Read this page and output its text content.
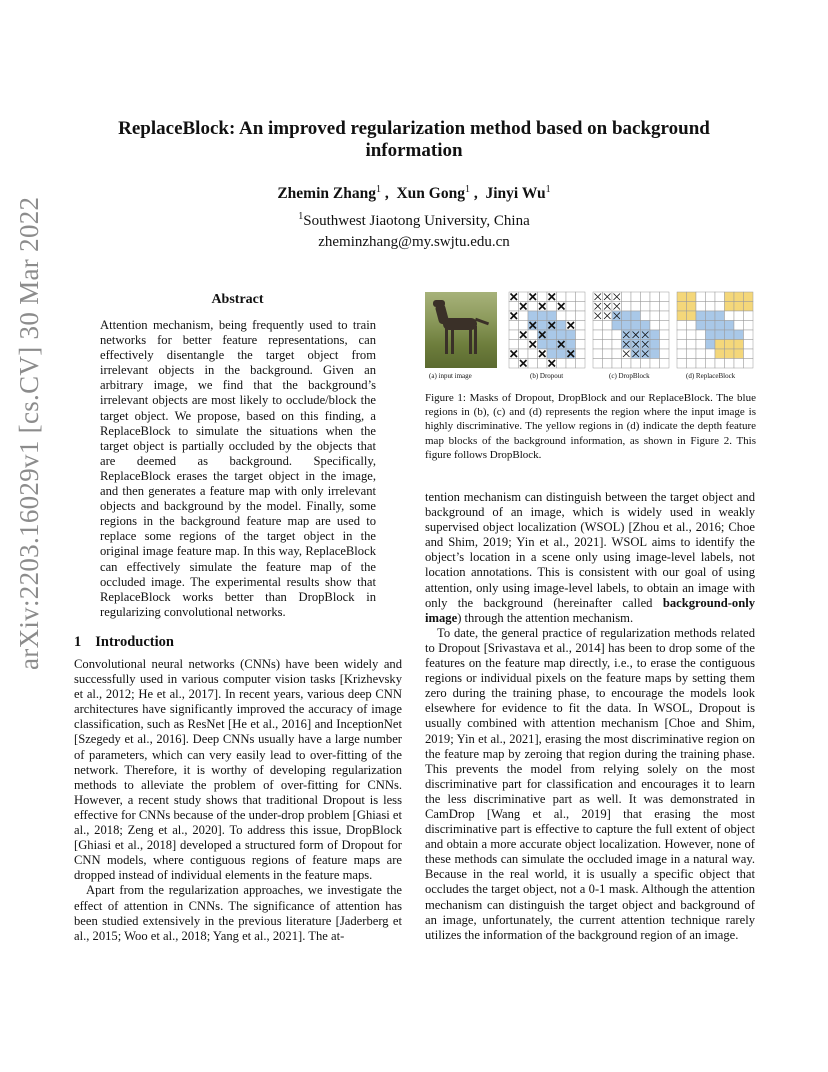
arXiv:2203.16029v1 [cs.CV] 30 Mar 2022
ReplaceBlock: An improved regularization method based on background
information
Zhemin Zhang$^1$ ,  Xun Gong$^1$ ,  Jinyi Wu$^1$
$^1$Southwest Jiaotong University, China
zheminzhang@my.swjtu.edu.cn
Abstract

Attention mechanism, being frequently used to train networks for better feature representations, can effectively disentangle the target object from irrelevant objects in the background. Given an arbitrary image, we find that the background’s irrelevant objects are most likely to occlude/block the target object. We propose, based on this finding, a ReplaceBlock to simulate the situations when the target object is partially occluded by the objects that are deemed as background. Specifically, ReplaceBlock erases the target object in the image, and then generates a feature map with only irrelevant objects and background by the model. Finally, some regions in the background feature map are used to replace some regions of the target object in the original image feature map. In this way, ReplaceBlock can effectively simulate the feature map of the occluded image. The experimental results show that ReplaceBlock works better than DropBlock in regularizing convolutional networks.

1 Introduction

Convolutional neural networks (CNNs) have been widely and successfully used in various computer vision tasks [Krizhevsky et al., 2012; He et al., 2017]. In recent years, various deep CNN architectures have significantly improved the accuracy of image classification, such as ResNet [He et al., 2016] and InceptionNet [Szegedy et al., 2016]. Deep CNNs usually have a large number of parameters, which can very easily lead to over-fitting of the network. Therefore, it is worthy of developing regularization methods to alleviate the problem of over-fitting for CNNs. However, a recent study shows that traditional Dropout is less effective for CNNs because of the under-drop problem [Ghiasi et al., 2018; Zeng et al., 2020]. To address this issue, DropBlock [Ghiasi et al., 2018] developed a structured form of Dropout for CNN models, where contiguous regions of feature maps are dropped instead of individual elements in the feature maps.

Apart from the regularization approaches, we investigate the effect of attention in CNNs. The significance of attention has been studied extensively in the previous literature [Jaderberg et al., 2015; Woo et al., 2018; Yang et al., 2021]. The at-

(a) input image	(b) Dropout	(c) DropBlock	(d) ReplaceBlock
Figure 1: Masks of Dropout, DropBlock and our ReplaceBlock. The blue regions in (b), (c) and (d) represents the region where the input image is highly discriminative. The yellow regions in (d) indicate the depth feature map blocks of the background information, as shown in Figure 2. This figure follows DropBlock.

tention mechanism can distinguish between the target object and background of an image, which is widely used in weakly supervised object localization (WSOL) [Zhou et al., 2016; Choe and Shim, 2019; Yin et al., 2021]. WSOL aims to identify the object’s location in a scene only using image-level labels, not location annotations. This is consistent with our goal of using attention, only using image-level labels, to obtain an image with only the background (hereinafter called background-only image) through the attention mechanism.

To date, the general practice of regularization methods related to Dropout [Srivastava et al., 2014] has been to drop some of the features on the feature map directly, i.e., to erase the contiguous regions or individual pixels on the feature maps by setting them zero during the training phase, to encourage the models look elsewhere for evidence to fit the data. In WSOL, Dropout is usually combined with attention mechanism [Choe and Shim, 2019; Yin et al., 2021], erasing the most discriminative region on the feature map by zeroing that region during the training phase. This prevents the model from relying solely on the most discriminative part for classification and encourages it to learn the less discriminative part as well. It was demonstrated in CamDrop [Wang et al., 2019] that erasing the most discriminative part is effective to capture the full extent of object and obtain a more accurate object localization. However, none of these methods can simulate the occluded image in a natural way. Because in the real world, it is usually a specific object that occludes the target object, not a 0-1 mask. Although the attention mechanism can distinguish the target object and background of an image, unfortunately, the current attention technique rarely utilizes the information of the background region of an image.
